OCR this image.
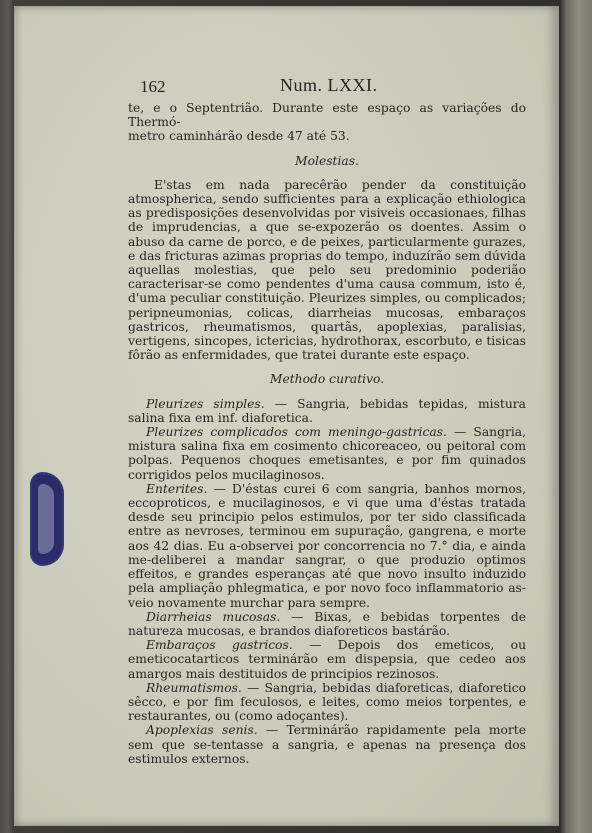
162	Num. LXXI.

te, e o Septentrião. Durante este espaço as variações do Thermó-

metro caminhárão desde 47 até 53.

Molestias.

E'stas em nada parecêrão pender da constituição atmospherica, sendo sufficientes para a explicação ethiologica as predisposições desenvolvidas por visiveis occasionaes, filhas de imprudencias, a que se-expozerão os doentes. Assim o abuso da carne de porco, e de peixes, particularmente gurazes, e das fricturas azimas proprias do tempo, induzírão sem dúvida aquellas molestias, que pelo seu predominio poderião caracterisar-se como pendentes d'uma causa commum, isto é, d'uma peculiar constituição. Pleurizes simples, ou complicados; peripneumonias, colicas, diarrheias mucosas, embaraços gastricos, rheumatismos, quartãs, apoplexias, paralisias, vertigens, sincopes, ictericias, hydrothorax, escorbuto, e tisicas fôrão as enfermidades, que tratei durante este espaço.

Methodo curativo.

Pleurizes simples. — Sangria, bebidas tepidas, mistura salina fixa em inf. diaforetica.

Pleurizes complicados com meningo-gastricas. — Sangria, mistura salina fixa em cosimento chicoreaceo, ou peitoral com polpas. Pequenos choques emetisantes, e por fim quinados corrigidos pelos mucilaginosos.

Enterites. — D'éstas curei 6 com sangria, banhos mornos, eccoproticos, e mucilaginosos, e vi que uma d'éstas tratada desde seu principio pelos estimulos, por ter sido classificada entre as nevroses, terminou em supuração, gangrena, e morte aos 42 dias. Eu a-observei por concorrencia no 7.° dia, e ainda me-deliberei a mandar sangrar, o que produzio optimos effeitos, e grandes esperanças até que novo insulto induzido pela ampliação phlegmatica, e por novo foco inflammatorio as-veio novamente murchar para sempre.

Diarrheias mucosas. — Bixas, e bebidas torpentes de natureza mucosas, e brandos diaforeticos bastárão.

Embaraços gastricos. — Depois dos emeticos, ou emeticocatarticos terminárão em dispepsia, que cedeo aos amargos mais destituidos de principios rezinosos.

Rheumatismos. — Sangria, bebidas diaforeticas, diaforetico sêcco, e por fim feculosos, e leites, como meios torpentes, e restaurantes, ou (como adoçantes).

Apoplexias senis. — Terminárão rapidamente pela morte sem que se-tentasse a sangria, e apenas na presença dos estimulos externos.
